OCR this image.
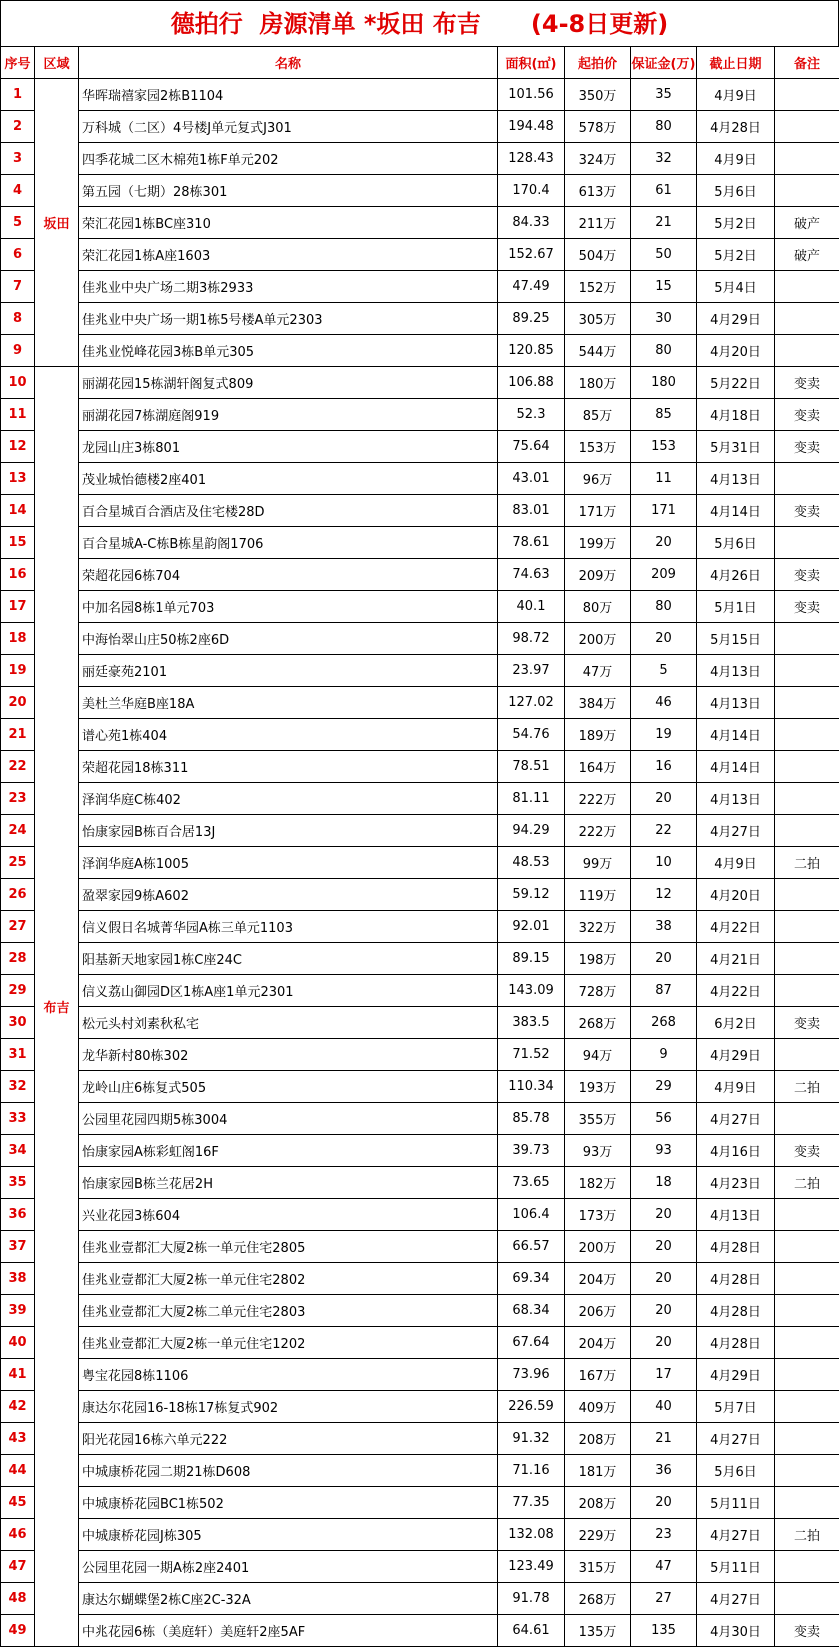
德拍行  房源清单 *坂田 布吉      (4-8日更新)
序号	区域	名称	面积(㎡)	起拍价	保证金(万)	截止日期	备注
1	坂田	华晖瑞禧家园2栋B1104	101.56	350万	35	4月9日	
2		万科城（二区）4号楼J单元复式J301	194.48	578万	80	4月28日	
3		四季花城二区木棉苑1栋F单元202	128.43	324万	32	4月9日	
4		第五园（七期）28栋301	170.4	613万	61	5月6日	
5		荣汇花园1栋BC座310	84.33	211万	21	5月2日	破产
6		荣汇花园1栋A座1603	152.67	504万	50	5月2日	破产
7		佳兆业中央广场二期3栋2933	47.49	152万	15	5月4日	
8		佳兆业中央广场一期1栋5号楼A单元2303	89.25	305万	30	4月29日	
9		佳兆业悦峰花园3栋B单元305	120.85	544万	80	4月20日	
10	布吉	丽湖花园15栋湖轩阁复式809	106.88	180万	180	5月22日	变卖
11		丽湖花园7栋湖庭阁919	52.3	85万	85	4月18日	变卖
12		龙园山庄3栋801	75.64	153万	153	5月31日	变卖
13		茂业城怡德楼2座401	43.01	96万	11	4月13日	
14		百合星城百合酒店及住宅楼28D	83.01	171万	171	4月14日	变卖
15		百合星城A-C栋B栋星韵阁1706	78.61	199万	20	5月6日	
16		荣超花园6栋704	74.63	209万	209	4月26日	变卖
17		中加名园8栋1单元703	40.1	80万	80	5月1日	变卖
18		中海怡翠山庄50栋2座6D	98.72	200万	20	5月15日	
19		丽廷豪苑2101	23.97	47万	5	4月13日	
20		美杜兰华庭B座18A	127.02	384万	46	4月13日	
21		谱心苑1栋404	54.76	189万	19	4月14日	
22		荣超花园18栋311	78.51	164万	16	4月14日	
23		泽润华庭C栋402	81.11	222万	20	4月13日	
24		怡康家园B栋百合居13J	94.29	222万	22	4月27日	
25		泽润华庭A栋1005	48.53	99万	10	4月9日	二拍
26		盈翠家园9栋A602	59.12	119万	12	4月20日	
27		信义假日名城菁华园A栋三单元1103	92.01	322万	38	4月22日	
28		阳基新天地家园1栋C座24C	89.15	198万	20	4月21日	
29		信义荔山御园D区1栋A座1单元2301	143.09	728万	87	4月22日	
30		松元头村刘素秋私宅	383.5	268万	268	6月2日	变卖
31		龙华新村80栋302	71.52	94万	9	4月29日	
32		龙岭山庄6栋复式505	110.34	193万	29	4月9日	二拍
33		公园里花园四期5栋3004	85.78	355万	56	4月27日	
34		怡康家园A栋彩虹阁16F	39.73	93万	93	4月16日	变卖
35		怡康家园B栋兰花居2H	73.65	182万	18	4月23日	二拍
36		兴业花园3栋604	106.4	173万	20	4月13日	
37		佳兆业壹都汇大厦2栋一单元住宅2805	66.57	200万	20	4月28日	
38		佳兆业壹都汇大厦2栋一单元住宅2802	69.34	204万	20	4月28日	
39		佳兆业壹都汇大厦2栋二单元住宅2803	68.34	206万	20	4月28日	
40		佳兆业壹都汇大厦2栋一单元住宅1202	67.64	204万	20	4月28日	
41		粤宝花园8栋1106	73.96	167万	17	4月29日	
42		康达尔花园16-18栋17栋复式902	226.59	409万	40	5月7日	
43		阳光花园16栋六单元222	91.32	208万	21	4月27日	
44		中城康桥花园二期21栋D608	71.16	181万	36	5月6日	
45		中城康桥花园BC1栋502	77.35	208万	20	5月11日	
46		中城康桥花园J栋305	132.08	229万	23	4月27日	二拍
47		公园里花园一期A栋2座2401	123.49	315万	47	5月11日	
48		康达尔蝴蝶堡2栋C座2C-32A	91.78	268万	27	4月27日	
49		中兆花园6栋（美庭轩）美庭轩2座5AF	64.61	135万	135	4月30日	变卖
